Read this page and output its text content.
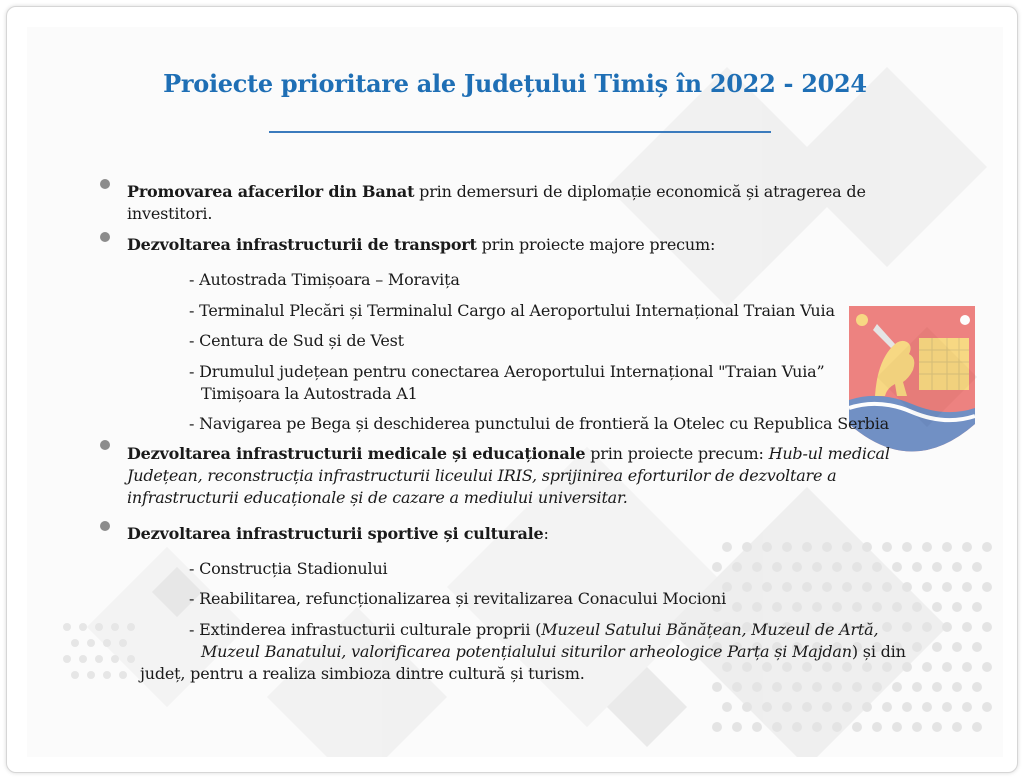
Proiecte prioritare ale Județului Timiș în 2022 - 2024
Promovarea afacerilor din Banat prin demersuri de diplomație economică și atragerea de
investitori.
Dezvoltarea infrastructurii de transport prin proiecte majore precum:
- Autostrada Timișoara – Moravița
- Terminalul Plecări și Terminalul Cargo al Aeroportului Internațional Traian Vuia
- Centura de Sud și de Vest
- Drumulul județean pentru conectarea Aeroportului Internațional "Traian Vuia”
Timișoara la Autostrada A1
- Navigarea pe Bega și deschiderea punctului de frontieră la Otelec cu Republica Serbia
Dezvoltarea infrastructurii medicale și educaționale prin proiecte precum: Hub-ul medical
Județean, reconstrucția infrastructurii liceului IRIS, sprijinirea eforturilor de dezvoltare a
infrastructurii educaționale și de cazare a mediului universitar.
Dezvoltarea infrastructurii sportive și culturale:
- Construcția Stadionului
- Reabilitarea, refuncționalizarea și revitalizarea Conacului Mocioni
- Extinderea infrastucturii culturale proprii (Muzeul Satului Bănățean, Muzeul de Artă,
Muzeul Banatului, valorificarea potențialului siturilor arheologice Parța și Majdan) și din
județ, pentru a realiza simbioza dintre cultură și turism.
